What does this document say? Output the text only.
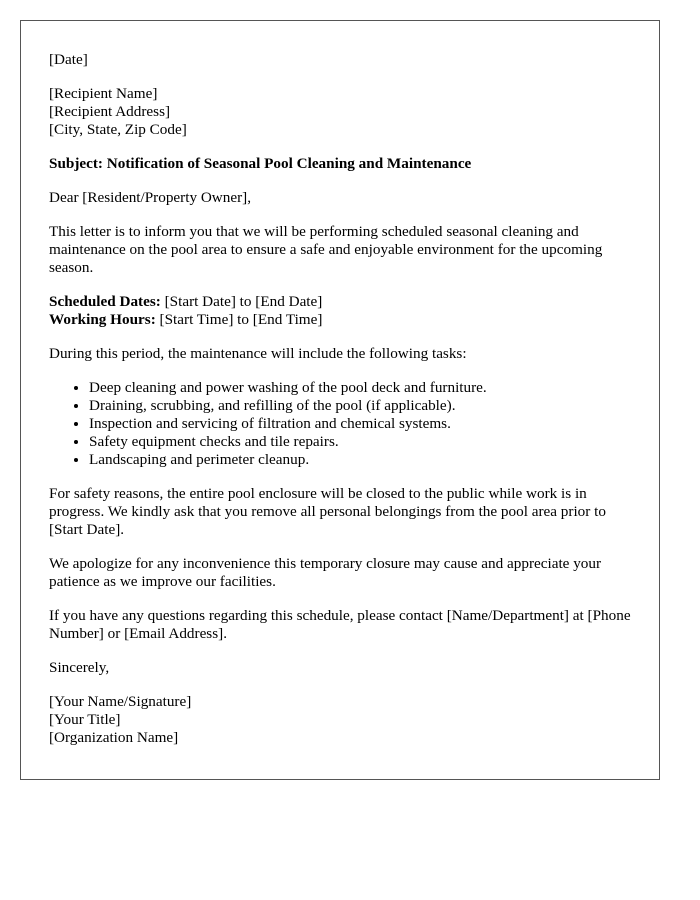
[Date]
[Recipient Name]
[Recipient Address]
[City, State, Zip Code]

Subject: Notification of Seasonal Pool Cleaning and Maintenance

Dear [Resident/Property Owner],

This letter is to inform you that we will be performing scheduled seasonal cleaning and maintenance on the pool area to ensure a safe and enjoyable environment for the upcoming season.

Scheduled Dates: [Start Date] to [End Date]
Working Hours: [Start Time] to [End Time]

During this period, the maintenance will include the following tasks:

• Deep cleaning and power washing of the pool deck and furniture.
• Draining, scrubbing, and refilling of the pool (if applicable).
• Inspection and servicing of filtration and chemical systems.
• Safety equipment checks and tile repairs.
• Landscaping and perimeter cleanup.

For safety reasons, the entire pool enclosure will be closed to the public while work is in progress. We kindly ask that you remove all personal belongings from the pool area prior to [Start Date].

We apologize for any inconvenience this temporary closure may cause and appreciate your patience as we improve our facilities.

If you have any questions regarding this schedule, please contact [Name/Department] at [Phone Number] or [Email Address].

Sincerely,

[Your Name/Signature]
[Your Title]
[Organization Name]
